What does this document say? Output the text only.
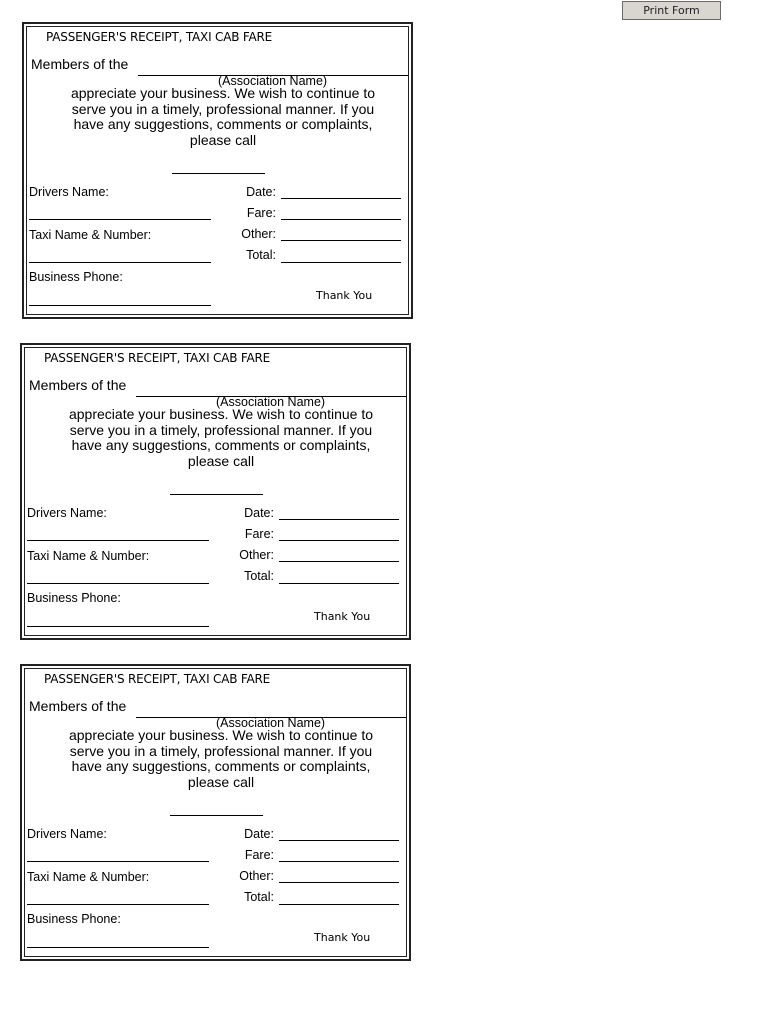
Print Form
PASSENGER'S RECEIPT, TAXI CAB FARE
Members of the
(Association Name)
appreciate your business. We wish to continue to serve you in a timely, professional manner. If you have any suggestions, comments or complaints, please call
Drivers Name:
Taxi Name & Number:
Business Phone:
Date:
Fare:
Other:
Total:
Thank You
PASSENGER'S RECEIPT, TAXI CAB FARE
Members of the
(Association Name)
appreciate your business. We wish to continue to serve you in a timely, professional manner. If you have any suggestions, comments or complaints, please call
Drivers Name:
Taxi Name & Number:
Business Phone:
Date:
Fare:
Other:
Total:
Thank You
PASSENGER'S RECEIPT, TAXI CAB FARE
Members of the
(Association Name)
appreciate your business. We wish to continue to serve you in a timely, professional manner. If you have any suggestions, comments or complaints, please call
Drivers Name:
Taxi Name & Number:
Business Phone:
Date:
Fare:
Other:
Total:
Thank You
